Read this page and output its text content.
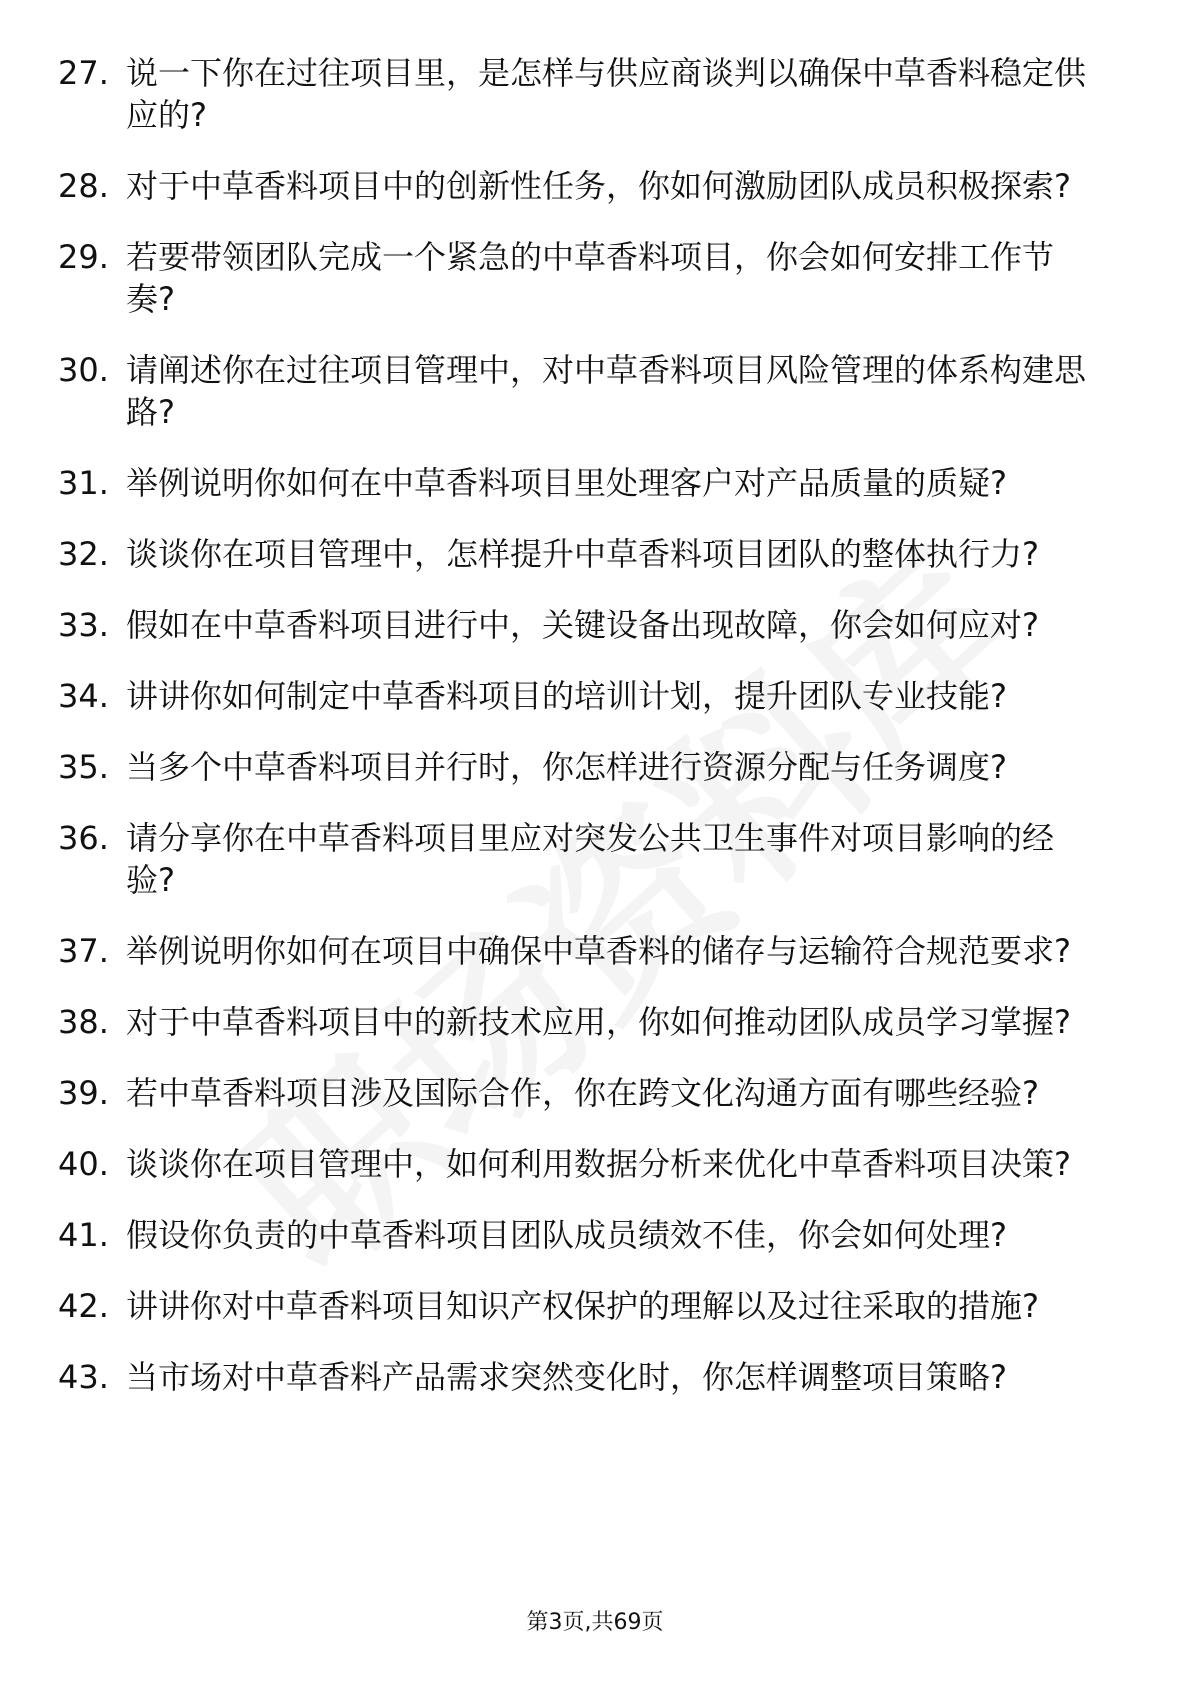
27. 说一下你在过往项目里，是怎样与供应商谈判以确保中草香料稳定供应的?
28. 对于中草香料项目中的创新性任务，你如何激励团队成员积极探索?
29. 若要带领团队完成一个紧急的中草香料项目，你会如何安排工作节奏?
30. 请阐述你在过往项目管理中，对中草香料项目风险管理的体系构建思路?
31. 举例说明你如何在中草香料项目里处理客户对产品质量的质疑?
32. 谈谈你在项目管理中，怎样提升中草香料项目团队的整体执行力?
33. 假如在中草香料项目进行中，关键设备出现故障，你会如何应对?
34. 讲讲你如何制定中草香料项目的培训计划，提升团队专业技能?
35. 当多个中草香料项目并行时，你怎样进行资源分配与任务调度?
36. 请分享你在中草香料项目里应对突发公共卫生事件对项目影响的经验?
37. 举例说明你如何在项目中确保中草香料的储存与运输符合规范要求?
38. 对于中草香料项目中的新技术应用，你如何推动团队成员学习掌握?
39. 若中草香料项目涉及国际合作，你在跨文化沟通方面有哪些经验?
40. 谈谈你在项目管理中，如何利用数据分析来优化中草香料项目决策?
41. 假设你负责的中草香料项目团队成员绩效不佳，你会如何处理?
42. 讲讲你对中草香料项目知识产权保护的理解以及过往采取的措施?
43. 当市场对中草香料产品需求突然变化时，你怎样调整项目策略?
第3页,共69页
